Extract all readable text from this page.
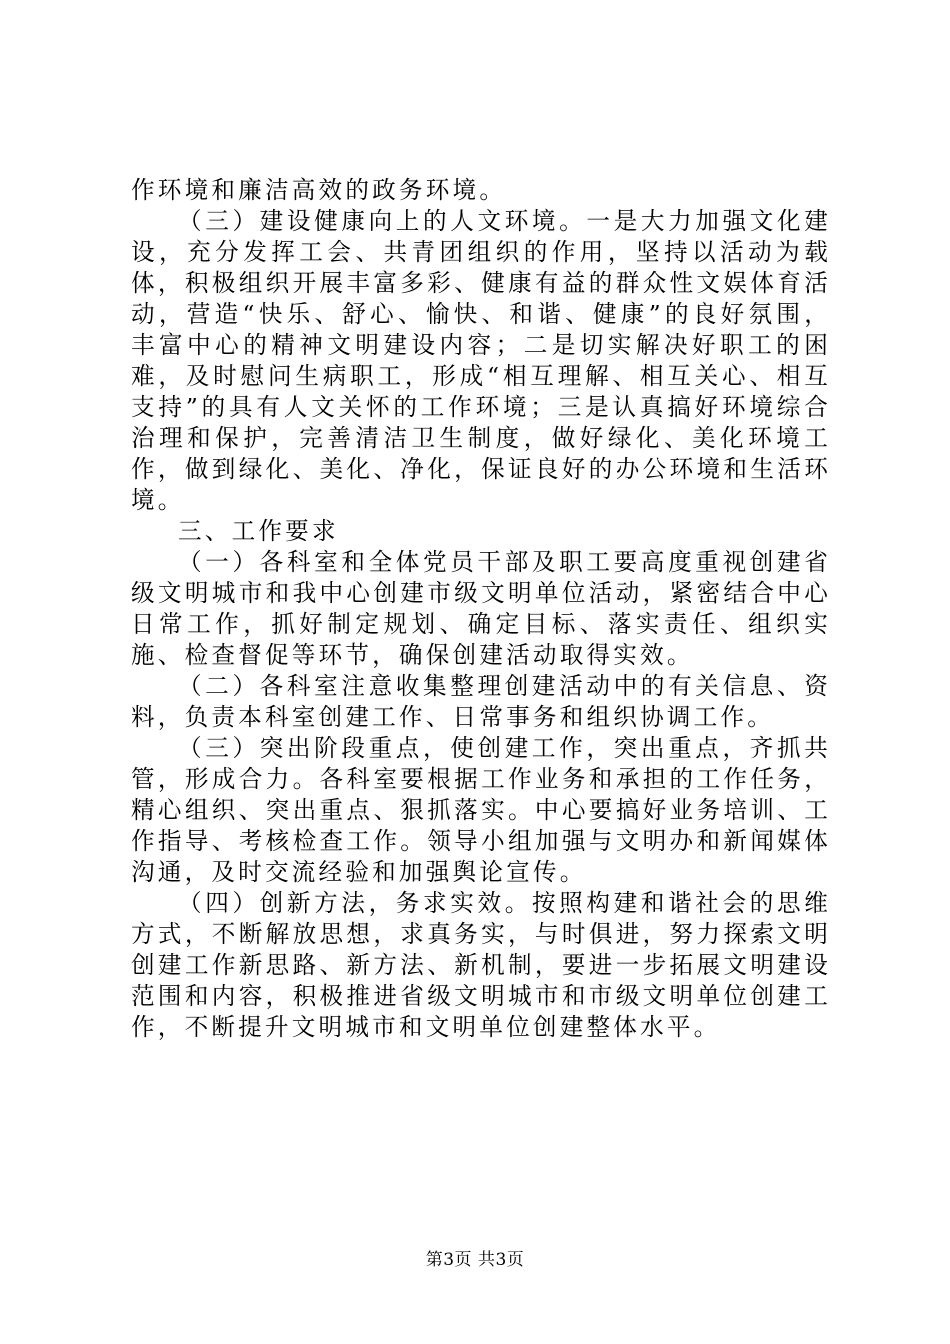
作环境和廉洁高效的政务环境。

（三）建设健康向上的人文环境。一是大力加强文化建设，充分发挥工会、共青团组织的作用，坚持以活动为载体，积极组织开展丰富多彩、健康有益的群众性文娱体育活动，营造“快乐、舒心、愉快、和谐、健康”的良好氛围，丰富中心的精神文明建设内容；二是切实解决好职工的困难，及时慰问生病职工，形成“相互理解、相互关心、相互支持”的具有人文关怀的工作环境；三是认真搞好环境综合治理和保护，完善清洁卫生制度，做好绿化、美化环境工作，做到绿化、美化、净化，保证良好的办公环境和生活环境。

三、工作要求

（一）各科室和全体党员干部及职工要高度重视创建省级文明城市和我中心创建市级文明单位活动，紧密结合中心日常工作，抓好制定规划、确定目标、落实责任、组织实施、检查督促等环节，确保创建活动取得实效。

（二）各科室注意收集整理创建活动中的有关信息、资料，负责本科室创建工作、日常事务和组织协调工作。

（三）突出阶段重点，使创建工作，突出重点，齐抓共管，形成合力。各科室要根据工作业务和承担的工作任务，精心组织、突出重点、狠抓落实。中心要搞好业务培训、工作指导、考核检查工作。领导小组加强与文明办和新闻媒体沟通，及时交流经验和加强舆论宣传。

（四）创新方法，务求实效。按照构建和谐社会的思维方式，不断解放思想，求真务实，与时俱进，努力探索文明创建工作新思路、新方法、新机制，要进一步拓展文明建设范围和内容，积极推进省级文明城市和市级文明单位创建工作，不断提升文明城市和文明单位创建整体水平。

第3页 共3页
